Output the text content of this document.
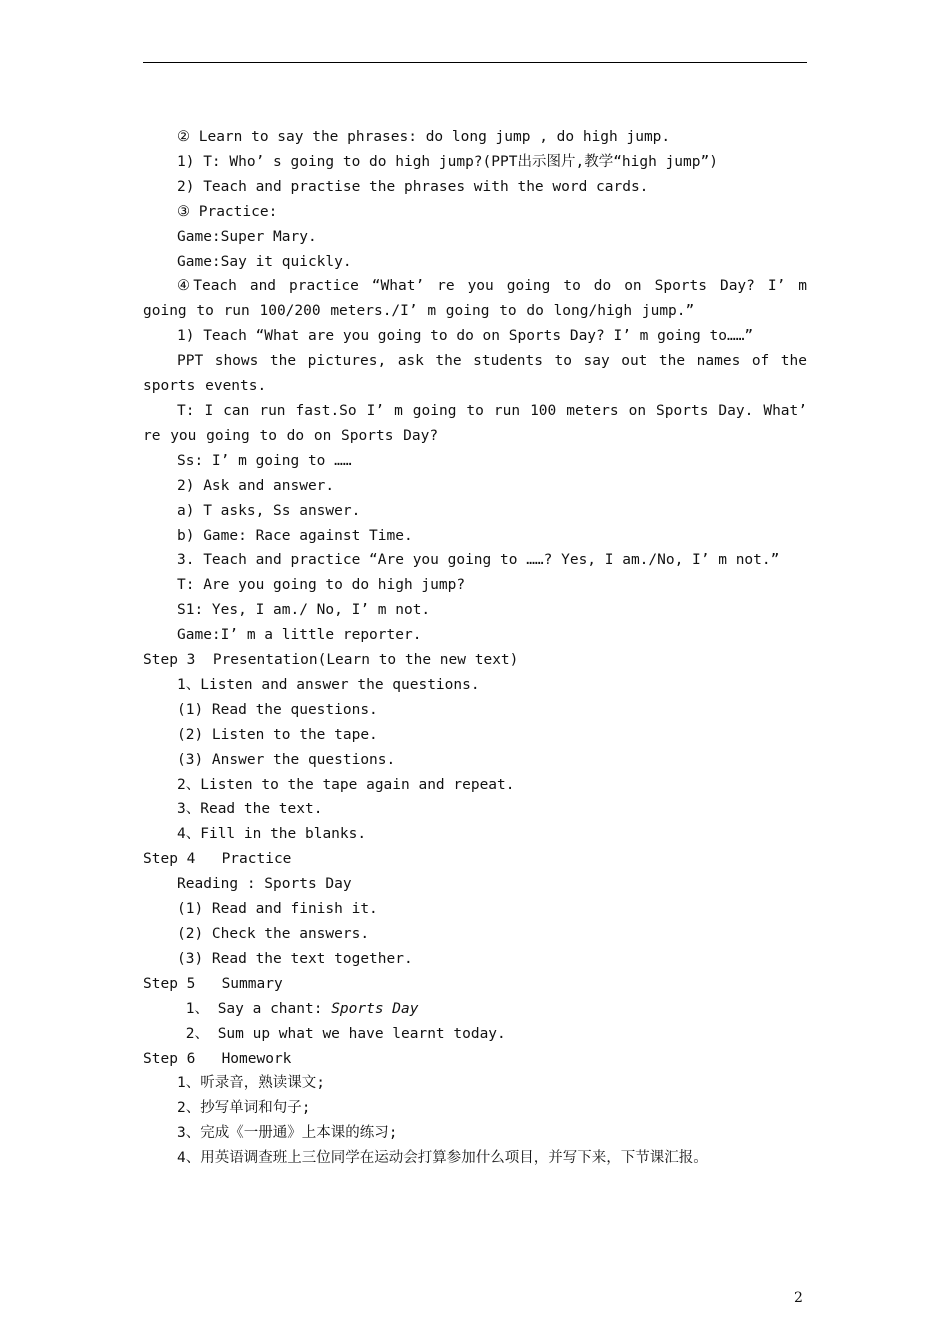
② Learn to say the phrases: do long jump , do high jump.
1) T: Who’ s going to do high jump?(PPT出示图片,教学“high jump”)
2) Teach and practise the phrases with the word cards.
③ Practice:
Game:Super Mary.
Game:Say it quickly.
④Teach and practice “What’ re you going to do on Sports Day? I’ m going to run 100/200 meters./I’ m going to do long/high jump.”
1) Teach “What are you going to do on Sports Day? I’ m going to……”
PPT shows the pictures, ask the students to say out the names of the sports events.
T: I can run fast.So I’ m going to run 100 meters on Sports Day. What’ re you going to do on Sports Day?
Ss: I’ m going to ……
2) Ask and answer.
a) T asks, Ss answer.
b) Game: Race against Time.
3. Teach and practice “Are you going to ……? Yes, I am./No, I’ m not.”
T: Are you going to do high jump?
S1: Yes, I am./ No, I’ m not.
Game:I’ m a little reporter.
Step 3  Presentation(Learn to the new text)
1、Listen and answer the questions.
(1) Read the questions.
(2) Listen to the tape.
(3) Answer the questions.
2、Listen to the tape again and repeat.
3、Read the text.
4、Fill in the blanks.
Step 4   Practice
Reading : Sports Day
(1) Read and finish it.
(2) Check the answers.
(3) Read the text together.
Step 5   Summary
1、 Say a chant: Sports Day
2、 Sum up what we have learnt today.
Step 6   Homework
1、听录音，熟读课文;
2、抄写单词和句子;
3、完成《一册通》上本课的练习;
4、用英语调查班上三位同学在运动会打算参加什么项目，并写下来，下节课汇报。
2
